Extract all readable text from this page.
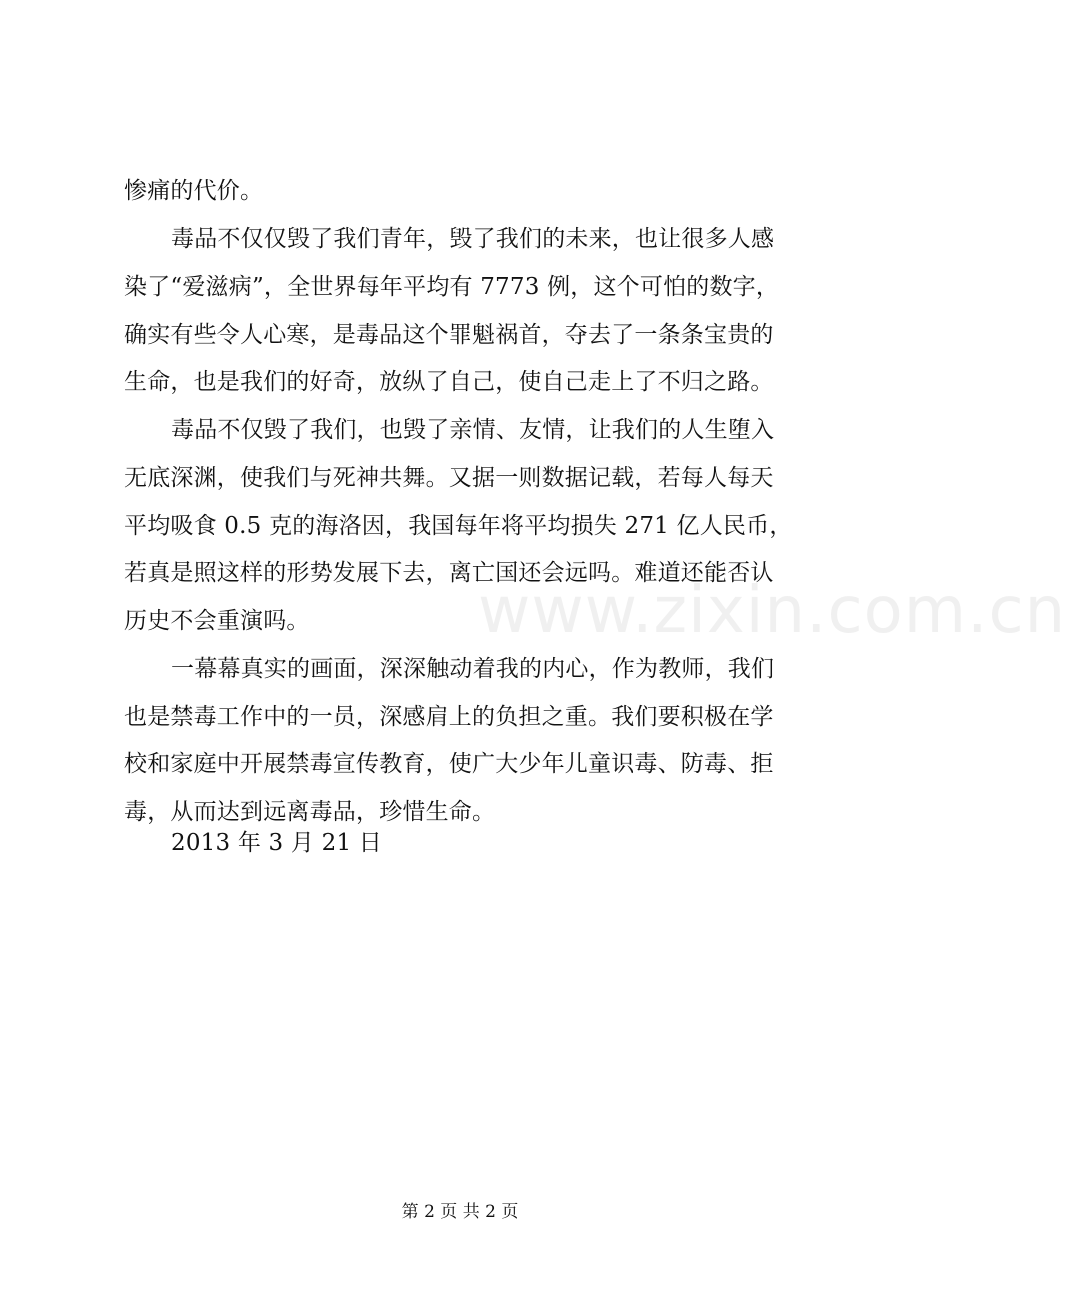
惨痛的代价。
毒品不仅仅毁了我们青年，毁了我们的未来，也让很多人感
染了“爱滋病”，全世界每年平均有 7773 例，这个可怕的数字，
确实有些令人心寒，是毒品这个罪魁祸首，夺去了一条条宝贵的
生命，也是我们的好奇，放纵了自己，使自己走上了不归之路。
毒品不仅毁了我们，也毁了亲情、友情，让我们的人生堕入
无底深渊，使我们与死神共舞。又据一则数据记载，若每人每天
平均吸食 0.5 克的海洛因，我国每年将平均损失 271 亿人民币，
若真是照这样的形势发展下去，离亡国还会远吗。难道还能否认
历史不会重演吗。
一幕幕真实的画面，深深触动着我的内心，作为教师，我们
也是禁毒工作中的一员，深感肩上的负担之重。我们要积极在学
校和家庭中开展禁毒宣传教育，使广大少年儿童识毒、防毒、拒
毒，从而达到远离毒品，珍惜生命。
2013 年 3 月 21 日
www.zixin.com.cn
第 2 页 共 2 页
